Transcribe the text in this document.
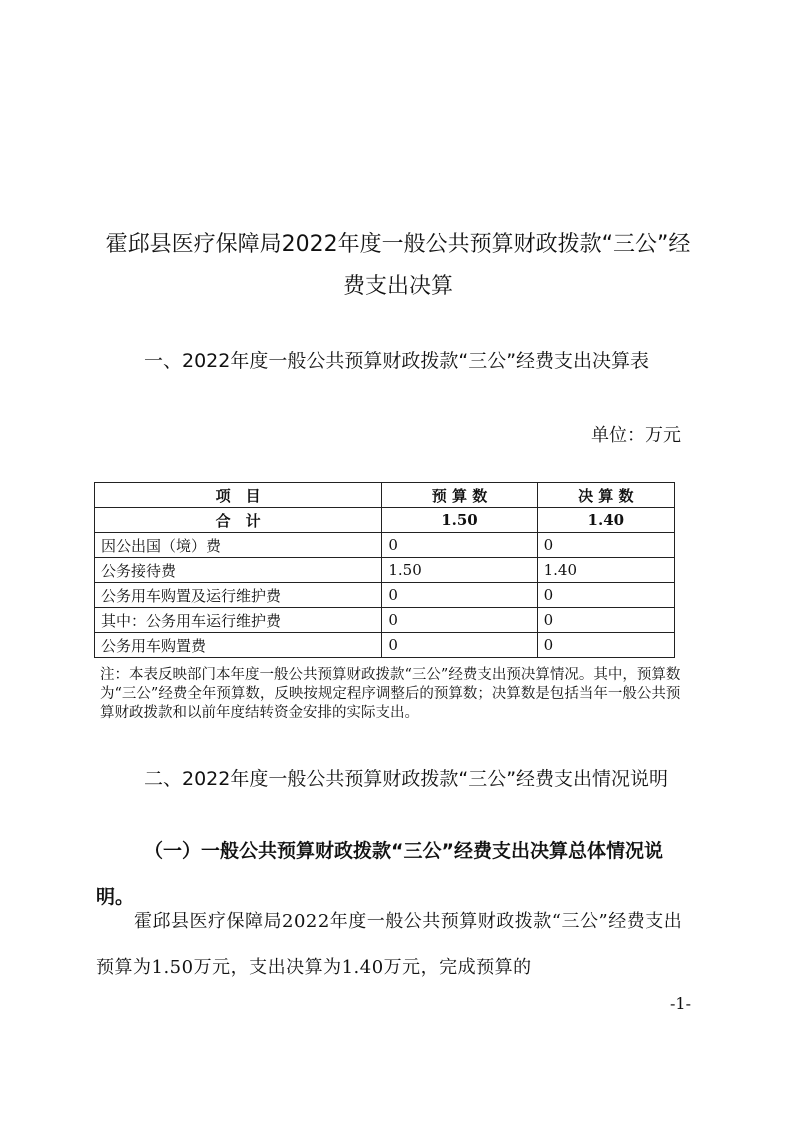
霍邱县医疗保障局2022年度一般公共预算财政拨款“三公”经费支出决算
一、2022年度一般公共预算财政拨款“三公”经费支出决算表
单位：万元
项　目	预 算 数	决 算 数
合　计	1.50	1.40
因公出国（境）费	0	0
公务接待费	1.50	1.40
公务用车购置及运行维护费	0	0
其中：公务用车运行维护费	0	0
公务用车购置费	0	0
注：本表反映部门本年度一般公共预算财政拨款“三公”经费支出预决算情况。其中，预算数为“三公”经费全年预算数，反映按规定程序调整后的预算数；决算数是包括当年一般公共预算财政拨款和以前年度结转资金安排的实际支出。
二、2022年度一般公共预算财政拨款“三公”经费支出情况说明
（一）一般公共预算财政拨款“三公”经费支出决算总体情况说明。
霍邱县医疗保障局2022年度一般公共预算财政拨款“三公”经费支出预算为1.50万元，支出决算为1.40万元，完成预算的
-1-
